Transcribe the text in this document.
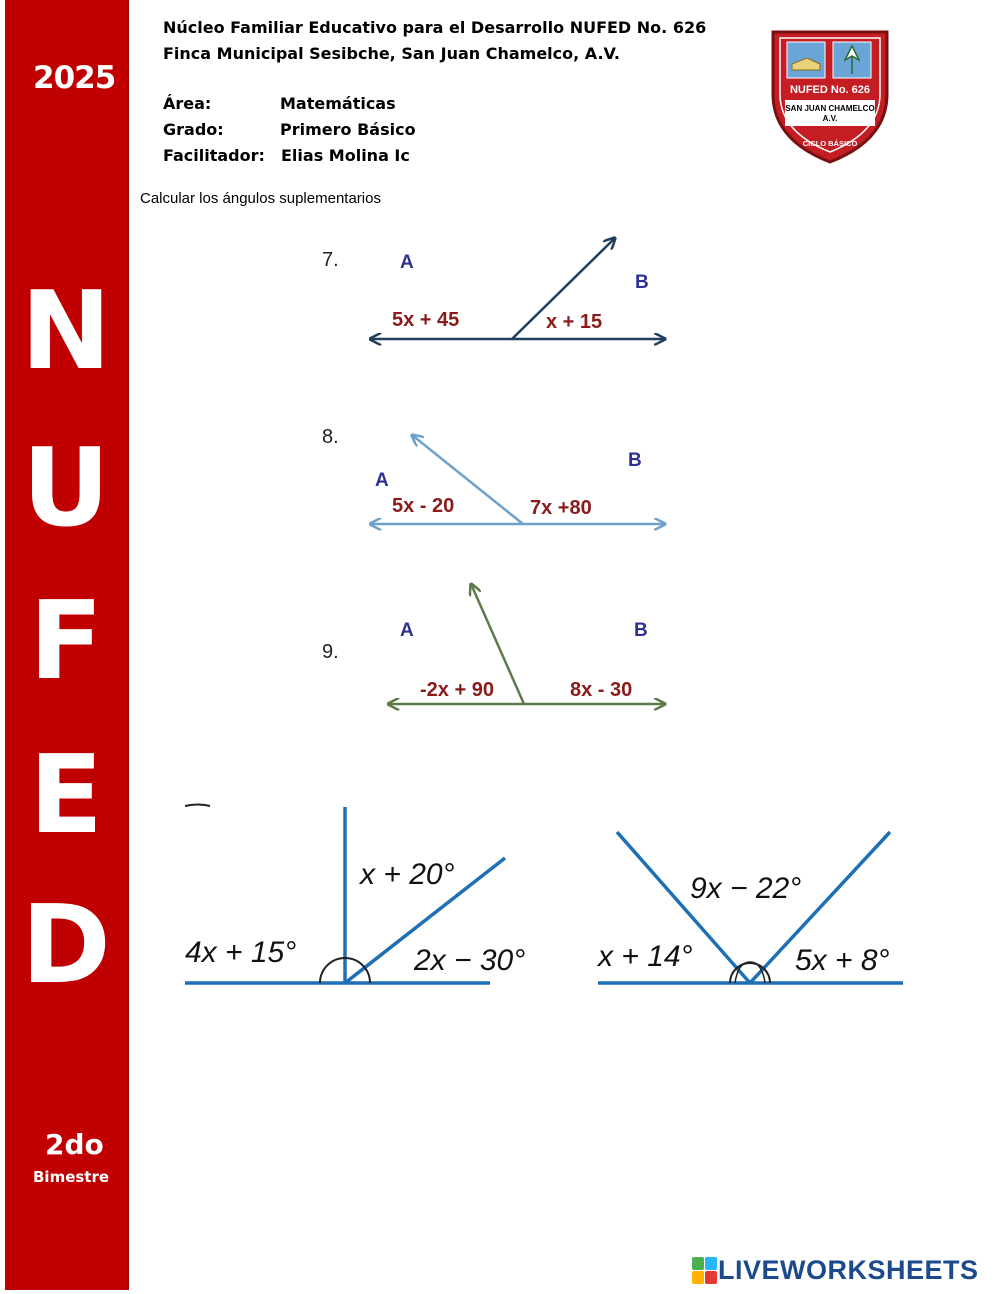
2025
N
U
F
E
D
2do
Bimestre
Núcleo Familiar Educativo para el Desarrollo NUFED No. 626
Finca Municipal Sesibche, San Juan Chamelco, A.V.
Área:	Matemáticas
Grado:	Primero Básico
Facilitador: Elias Molina Ic
NUFED No. 626
SAN JUAN CHAMELCO
A.V.
CICLO BÁSICO
Calcular los ángulos suplementarios
7.	A
B
5x + 45	x + 15
8.
A
B
5x - 20	7x +80
9.
A	B
-2x + 90	8x - 30
4x + 15°
x + 20°
2x − 30° x + 14°
9x − 22°
5x + 8°
LIVEWORKSHEETS
